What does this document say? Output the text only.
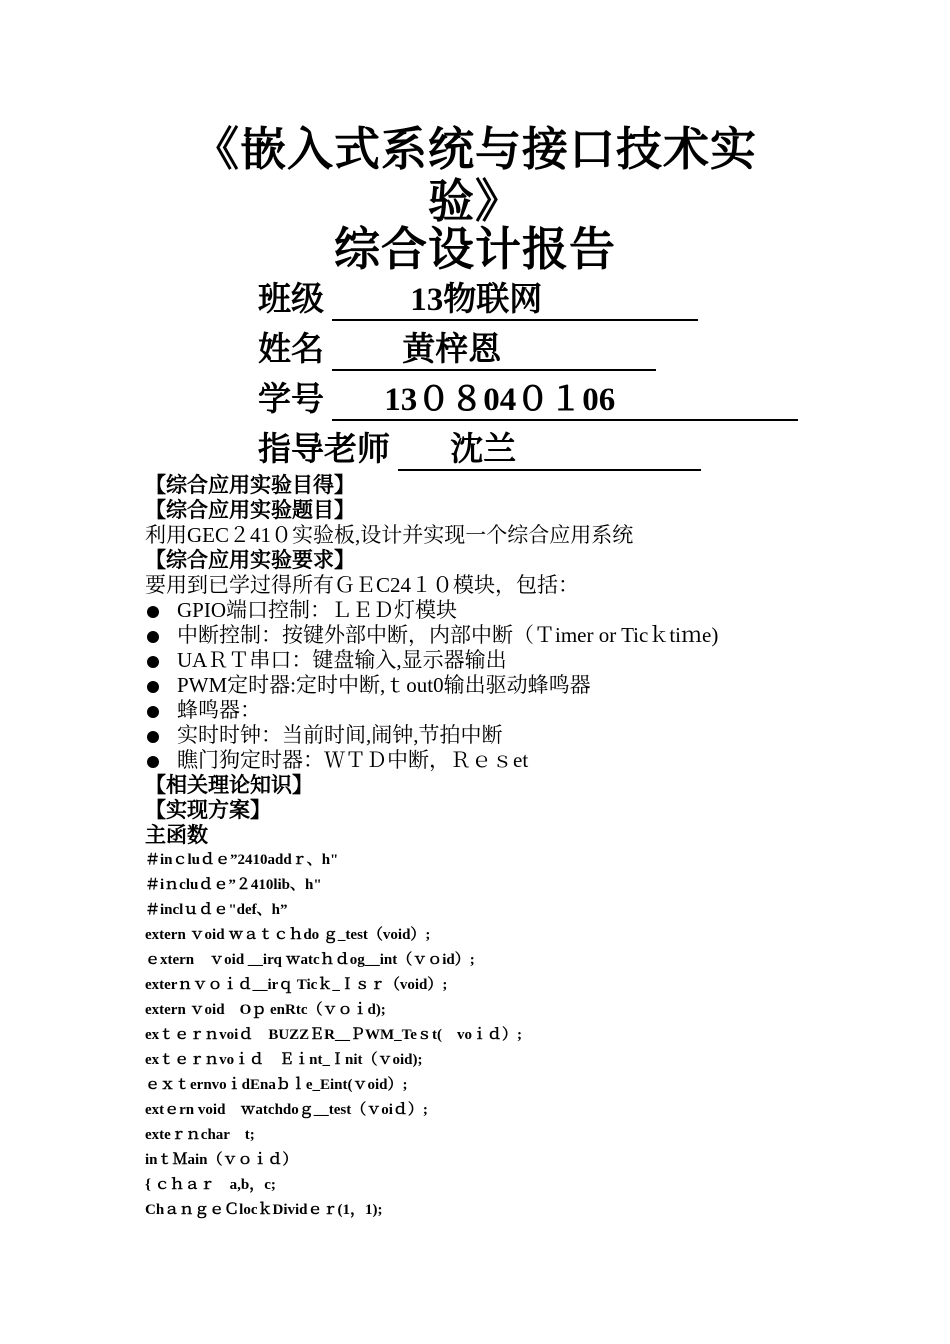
《嵌入式系统与接口技术实
验》
综合设计报告
班级	13物联网
姓名 黄梓恩
学号 13０８04０１06
指导老师 沈兰
【综合应用实验目得】
【综合应用实验题目】
利用GEC２41０实验板,设计并实现一个综合应用系统
【综合应用实验要求】
要用到已学过得所有ＧＥC24１０模块，包括：
GPIO端口控制：ＬＥＤ灯模块
中断控制：按键外部中断，内部中断（Ｔimer or Ticｋtiｍe)
UAＲＴ串口：键盘输入,显示器输出
PWM定时器:定时中断,ｔout0输出驱动蜂鸣器
蜂鸣器：
实时时钟：当前时间,闹钟,节拍中断
瞧门狗定时器：ＷＴＤ中断，Ｒｅｓet
【相关理论知识】
【实现方案】
主函数
＃inｃluｄｅ”2410addｒ、h"
＃iｎcluｄｅ”２410lib、h"
＃inclｕｄｅ"def、h”
extern ｖoid ｗａｔｃｈdo ｇ_test（void）;
ｅxtern　ｖoid __irq ｗatcｈｄog__int（ｖｏid）;
exterｎｖｏｉｄ__irｑ Ticｋ_Ｉｓｒ（void）;
extern ｖoid　Oｐ enRtc（ｖｏｉd);
exｔｅｒｎvoiｄ　BUZZＥR__ＰWM_Teｓt(　voｉｄ）;
exｔｅｒｎvoｉｄ　Ｅｉnt_Ｉnit（ｖoid);
ｅｘｔernvoｉdEnaｂｌe_Eint(ｖoid）;
extｅrn void　ｗatchdoｇ__test（ｖoiｄ）;
exteｒｎchar　t;
inｔＭain（ｖｏｉｄ）
{ ｃｈａｒ　a,b，c;
ChａｎｇｅＣlocｋDividｅｒ(1，1);
